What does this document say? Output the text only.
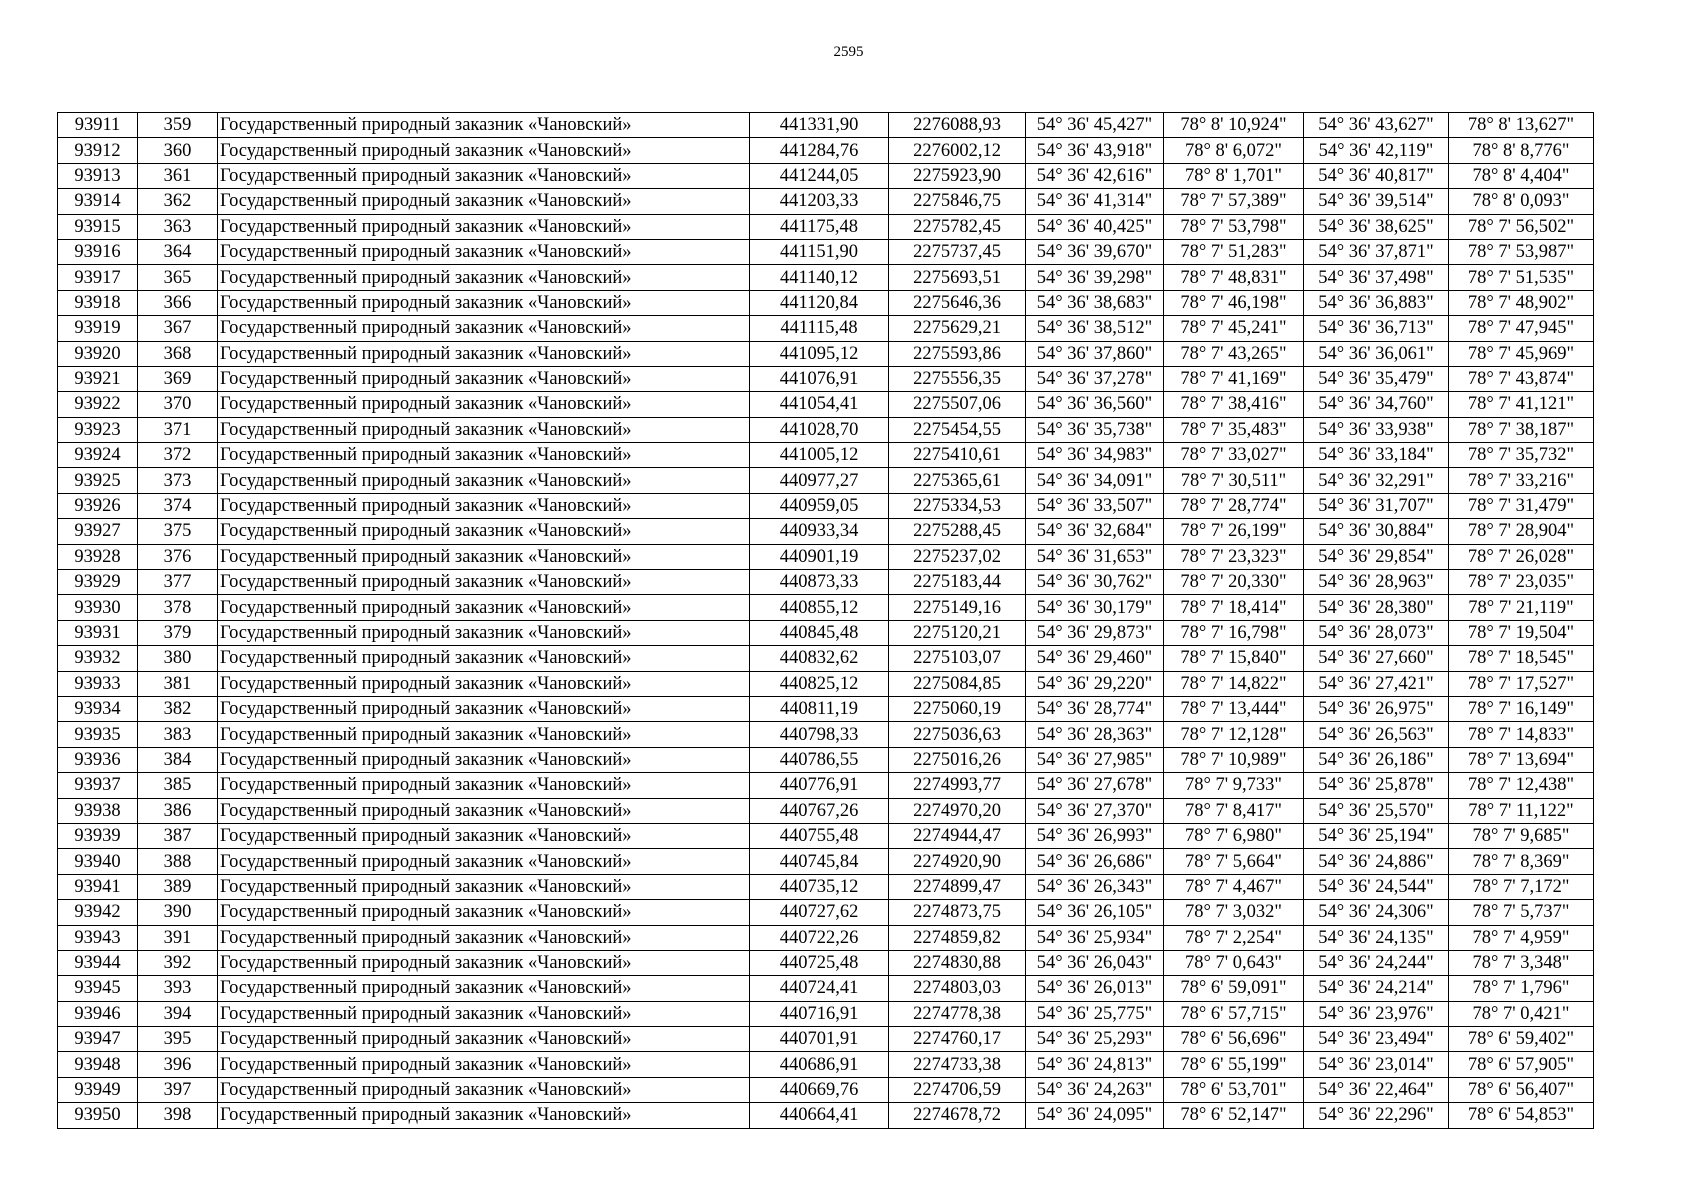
2595
93911	359	Государственный природный заказник «Чановский»	441331,90	2276088,93	54° 36' 45,427"	78° 8' 10,924"	54° 36' 43,627"	78° 8' 13,627"
93912	360	Государственный природный заказник «Чановский»	441284,76	2276002,12	54° 36' 43,918"	78° 8' 6,072"	54° 36' 42,119"	78° 8' 8,776"
93913	361	Государственный природный заказник «Чановский»	441244,05	2275923,90	54° 36' 42,616"	78° 8' 1,701"	54° 36' 40,817"	78° 8' 4,404"
93914	362	Государственный природный заказник «Чановский»	441203,33	2275846,75	54° 36' 41,314"	78° 7' 57,389"	54° 36' 39,514"	78° 8' 0,093"
93915	363	Государственный природный заказник «Чановский»	441175,48	2275782,45	54° 36' 40,425"	78° 7' 53,798"	54° 36' 38,625"	78° 7' 56,502"
93916	364	Государственный природный заказник «Чановский»	441151,90	2275737,45	54° 36' 39,670"	78° 7' 51,283"	54° 36' 37,871"	78° 7' 53,987"
93917	365	Государственный природный заказник «Чановский»	441140,12	2275693,51	54° 36' 39,298"	78° 7' 48,831"	54° 36' 37,498"	78° 7' 51,535"
93918	366	Государственный природный заказник «Чановский»	441120,84	2275646,36	54° 36' 38,683"	78° 7' 46,198"	54° 36' 36,883"	78° 7' 48,902"
93919	367	Государственный природный заказник «Чановский»	441115,48	2275629,21	54° 36' 38,512"	78° 7' 45,241"	54° 36' 36,713"	78° 7' 47,945"
93920	368	Государственный природный заказник «Чановский»	441095,12	2275593,86	54° 36' 37,860"	78° 7' 43,265"	54° 36' 36,061"	78° 7' 45,969"
93921	369	Государственный природный заказник «Чановский»	441076,91	2275556,35	54° 36' 37,278"	78° 7' 41,169"	54° 36' 35,479"	78° 7' 43,874"
93922	370	Государственный природный заказник «Чановский»	441054,41	2275507,06	54° 36' 36,560"	78° 7' 38,416"	54° 36' 34,760"	78° 7' 41,121"
93923	371	Государственный природный заказник «Чановский»	441028,70	2275454,55	54° 36' 35,738"	78° 7' 35,483"	54° 36' 33,938"	78° 7' 38,187"
93924	372	Государственный природный заказник «Чановский»	441005,12	2275410,61	54° 36' 34,983"	78° 7' 33,027"	54° 36' 33,184"	78° 7' 35,732"
93925	373	Государственный природный заказник «Чановский»	440977,27	2275365,61	54° 36' 34,091"	78° 7' 30,511"	54° 36' 32,291"	78° 7' 33,216"
93926	374	Государственный природный заказник «Чановский»	440959,05	2275334,53	54° 36' 33,507"	78° 7' 28,774"	54° 36' 31,707"	78° 7' 31,479"
93927	375	Государственный природный заказник «Чановский»	440933,34	2275288,45	54° 36' 32,684"	78° 7' 26,199"	54° 36' 30,884"	78° 7' 28,904"
93928	376	Государственный природный заказник «Чановский»	440901,19	2275237,02	54° 36' 31,653"	78° 7' 23,323"	54° 36' 29,854"	78° 7' 26,028"
93929	377	Государственный природный заказник «Чановский»	440873,33	2275183,44	54° 36' 30,762"	78° 7' 20,330"	54° 36' 28,963"	78° 7' 23,035"
93930	378	Государственный природный заказник «Чановский»	440855,12	2275149,16	54° 36' 30,179"	78° 7' 18,414"	54° 36' 28,380"	78° 7' 21,119"
93931	379	Государственный природный заказник «Чановский»	440845,48	2275120,21	54° 36' 29,873"	78° 7' 16,798"	54° 36' 28,073"	78° 7' 19,504"
93932	380	Государственный природный заказник «Чановский»	440832,62	2275103,07	54° 36' 29,460"	78° 7' 15,840"	54° 36' 27,660"	78° 7' 18,545"
93933	381	Государственный природный заказник «Чановский»	440825,12	2275084,85	54° 36' 29,220"	78° 7' 14,822"	54° 36' 27,421"	78° 7' 17,527"
93934	382	Государственный природный заказник «Чановский»	440811,19	2275060,19	54° 36' 28,774"	78° 7' 13,444"	54° 36' 26,975"	78° 7' 16,149"
93935	383	Государственный природный заказник «Чановский»	440798,33	2275036,63	54° 36' 28,363"	78° 7' 12,128"	54° 36' 26,563"	78° 7' 14,833"
93936	384	Государственный природный заказник «Чановский»	440786,55	2275016,26	54° 36' 27,985"	78° 7' 10,989"	54° 36' 26,186"	78° 7' 13,694"
93937	385	Государственный природный заказник «Чановский»	440776,91	2274993,77	54° 36' 27,678"	78° 7' 9,733"	54° 36' 25,878"	78° 7' 12,438"
93938	386	Государственный природный заказник «Чановский»	440767,26	2274970,20	54° 36' 27,370"	78° 7' 8,417"	54° 36' 25,570"	78° 7' 11,122"
93939	387	Государственный природный заказник «Чановский»	440755,48	2274944,47	54° 36' 26,993"	78° 7' 6,980"	54° 36' 25,194"	78° 7' 9,685"
93940	388	Государственный природный заказник «Чановский»	440745,84	2274920,90	54° 36' 26,686"	78° 7' 5,664"	54° 36' 24,886"	78° 7' 8,369"
93941	389	Государственный природный заказник «Чановский»	440735,12	2274899,47	54° 36' 26,343"	78° 7' 4,467"	54° 36' 24,544"	78° 7' 7,172"
93942	390	Государственный природный заказник «Чановский»	440727,62	2274873,75	54° 36' 26,105"	78° 7' 3,032"	54° 36' 24,306"	78° 7' 5,737"
93943	391	Государственный природный заказник «Чановский»	440722,26	2274859,82	54° 36' 25,934"	78° 7' 2,254"	54° 36' 24,135"	78° 7' 4,959"
93944	392	Государственный природный заказник «Чановский»	440725,48	2274830,88	54° 36' 26,043"	78° 7' 0,643"	54° 36' 24,244"	78° 7' 3,348"
93945	393	Государственный природный заказник «Чановский»	440724,41	2274803,03	54° 36' 26,013"	78° 6' 59,091"	54° 36' 24,214"	78° 7' 1,796"
93946	394	Государственный природный заказник «Чановский»	440716,91	2274778,38	54° 36' 25,775"	78° 6' 57,715"	54° 36' 23,976"	78° 7' 0,421"
93947	395	Государственный природный заказник «Чановский»	440701,91	2274760,17	54° 36' 25,293"	78° 6' 56,696"	54° 36' 23,494"	78° 6' 59,402"
93948	396	Государственный природный заказник «Чановский»	440686,91	2274733,38	54° 36' 24,813"	78° 6' 55,199"	54° 36' 23,014"	78° 6' 57,905"
93949	397	Государственный природный заказник «Чановский»	440669,76	2274706,59	54° 36' 24,263"	78° 6' 53,701"	54° 36' 22,464"	78° 6' 56,407"
93950	398	Государственный природный заказник «Чановский»	440664,41	2274678,72	54° 36' 24,095"	78° 6' 52,147"	54° 36' 22,296"	78° 6' 54,853"
